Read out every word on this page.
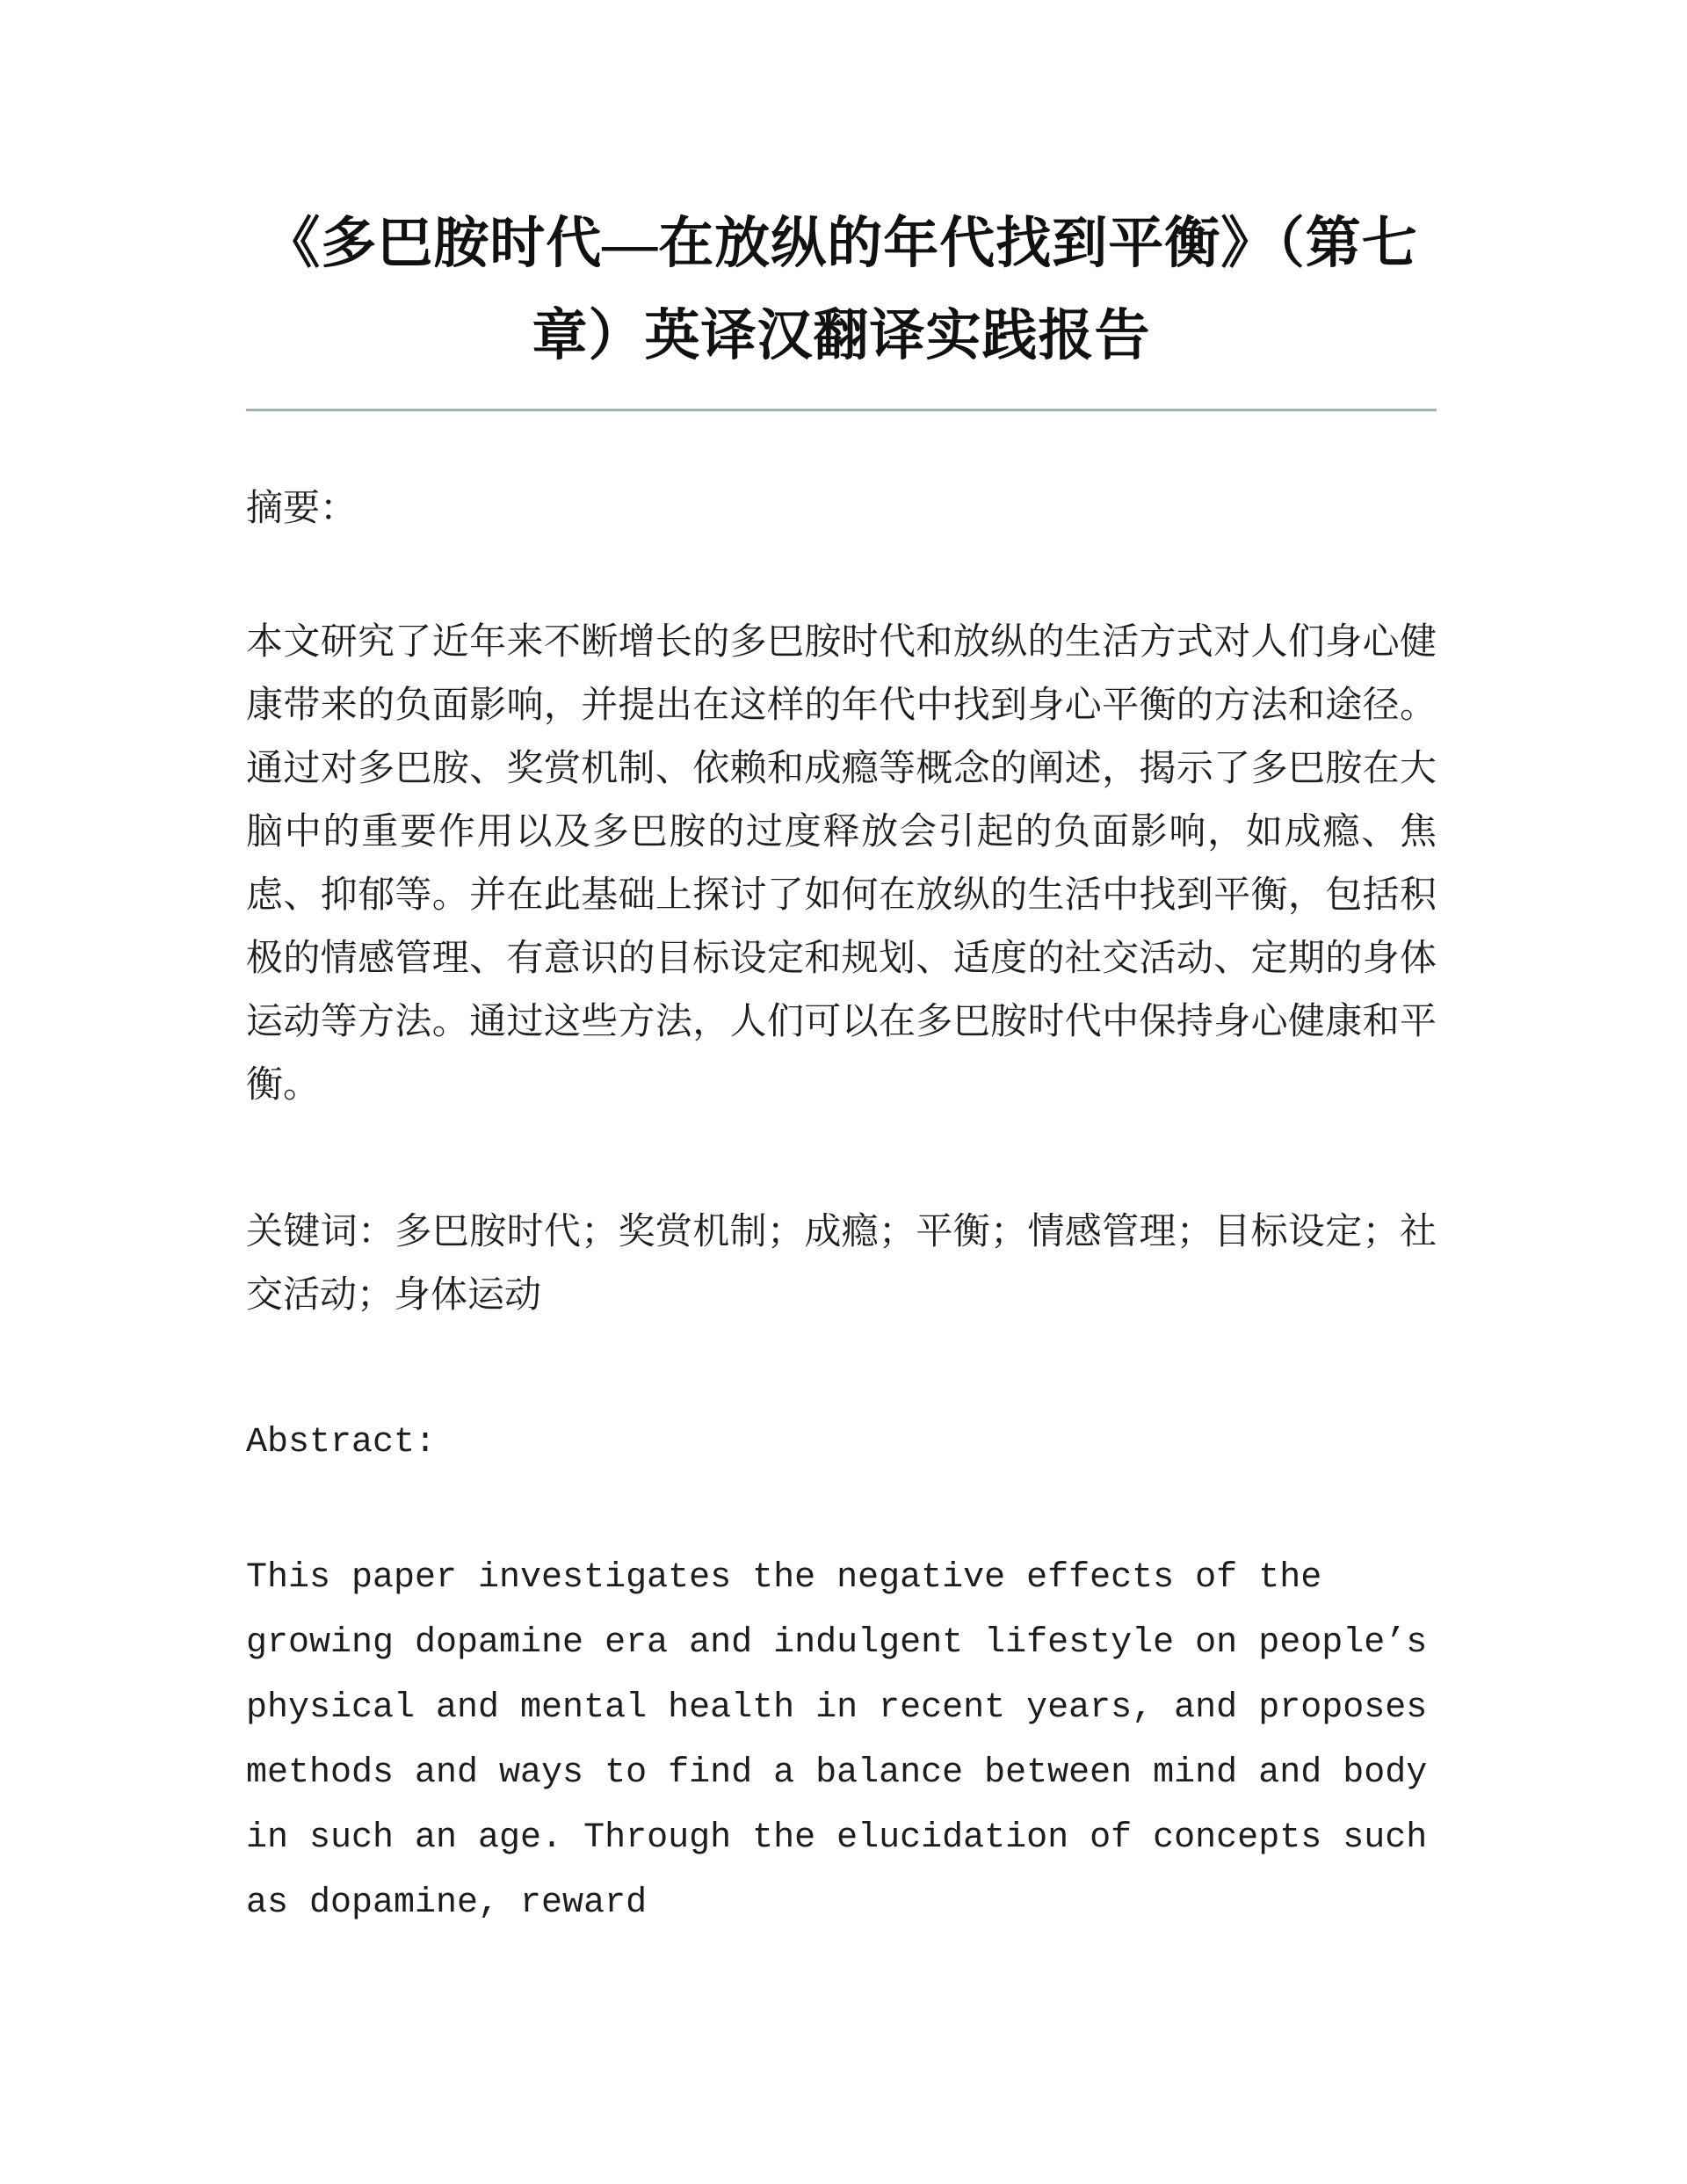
《多巴胺时代—在放纵的年代找到平衡》（第七章）英译汉翻译实践报告
摘要：
本文研究了近年来不断增长的多巴胺时代和放纵的生活方式对人们身心健康带来的负面影响，并提出在这样的年代中找到身心平衡的方法和途径。通过对多巴胺、奖赏机制、依赖和成瘾等概念的阐述，揭示了多巴胺在大脑中的重要作用以及多巴胺的过度释放会引起的负面影响，如成瘾、焦虑、抑郁等。并在此基础上探讨了如何在放纵的生活中找到平衡，包括积极的情感管理、有意识的目标设定和规划、适度的社交活动、定期的身体运动等方法。通过这些方法，人们可以在多巴胺时代中保持身心健康和平衡。
关键词：多巴胺时代；奖赏机制；成瘾；平衡；情感管理；目标设定；社交活动；身体运动
Abstract:
This paper investigates the negative effects of the growing dopamine era and indulgent lifestyle on people’s physical and mental health in recent years, and proposes methods and ways to find a balance between mind and body in such an age. Through the elucidation of concepts such as dopamine, reward
